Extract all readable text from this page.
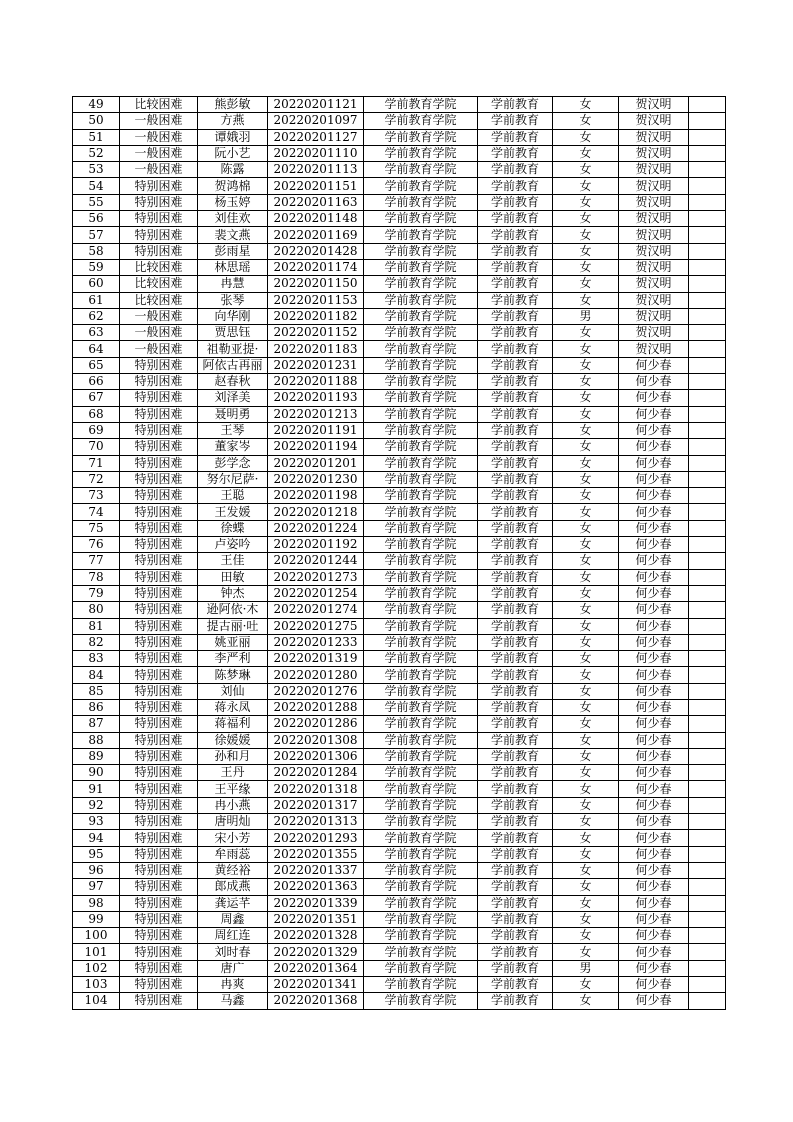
49	比较困难	熊彭敏	20220201121	学前教育学院	学前教育	女	贺汉明	
50	一般困难	方燕	20220201097	学前教育学院	学前教育	女	贺汉明	
51	一般困难	谭娥羽	20220201127	学前教育学院	学前教育	女	贺汉明	
52	一般困难	阮小艺	20220201110	学前教育学院	学前教育	女	贺汉明	
53	一般困难	陈露	20220201113	学前教育学院	学前教育	女	贺汉明	
54	特别困难	贺鸿棉	20220201151	学前教育学院	学前教育	女	贺汉明	
55	特别困难	杨玉婷	20220201163	学前教育学院	学前教育	女	贺汉明	
56	特别困难	刘佳欢	20220201148	学前教育学院	学前教育	女	贺汉明	
57	特别困难	裴文燕	20220201169	学前教育学院	学前教育	女	贺汉明	
58	特别困难	彭雨星	20220201428	学前教育学院	学前教育	女	贺汉明	
59	比较困难	林思瑶	20220201174	学前教育学院	学前教育	女	贺汉明	
60	比较困难	冉慧	20220201150	学前教育学院	学前教育	女	贺汉明	
61	比较困难	张琴	20220201153	学前教育学院	学前教育	女	贺汉明	
62	一般困难	向华刚	20220201182	学前教育学院	学前教育	男	贺汉明	
63	一般困难	贾思钰	20220201152	学前教育学院	学前教育	女	贺汉明	
64	一般困难	祖勒亚提·	20220201183	学前教育学院	学前教育	女	贺汉明	
65	特别困难	阿依古再丽	20220201231	学前教育学院	学前教育	女	何少春	
66	特别困难	赵春秋	20220201188	学前教育学院	学前教育	女	何少春	
67	特别困难	刘泽美	20220201193	学前教育学院	学前教育	女	何少春	
68	特别困难	聂明勇	20220201213	学前教育学院	学前教育	女	何少春	
69	特别困难	王琴	20220201191	学前教育学院	学前教育	女	何少春	
70	特别困难	董家岑	20220201194	学前教育学院	学前教育	女	何少春	
71	特别困难	彭学念	20220201201	学前教育学院	学前教育	女	何少春	
72	特别困难	努尔尼萨·	20220201230	学前教育学院	学前教育	女	何少春	
73	特别困难	王聪	20220201198	学前教育学院	学前教育	女	何少春	
74	特别困难	王发媛	20220201218	学前教育学院	学前教育	女	何少春	
75	特别困难	徐蝶	20220201224	学前教育学院	学前教育	女	何少春	
76	特别困难	卢姿吟	20220201192	学前教育学院	学前教育	女	何少春	
77	特别困难	王佳	20220201244	学前教育学院	学前教育	女	何少春	
78	特别困难	田敏	20220201273	学前教育学院	学前教育	女	何少春	
79	特别困难	钟杰	20220201254	学前教育学院	学前教育	女	何少春	
80	特别困难	逊阿依·木	20220201274	学前教育学院	学前教育	女	何少春	
81	特别困难	提古丽·吐	20220201275	学前教育学院	学前教育	女	何少春	
82	特别困难	姚亚丽	20220201233	学前教育学院	学前教育	女	何少春	
83	特别困难	李严利	20220201319	学前教育学院	学前教育	女	何少春	
84	特别困难	陈梦琳	20220201280	学前教育学院	学前教育	女	何少春	
85	特别困难	刘仙	20220201276	学前教育学院	学前教育	女	何少春	
86	特别困难	蒋永凤	20220201288	学前教育学院	学前教育	女	何少春	
87	特别困难	蒋福利	20220201286	学前教育学院	学前教育	女	何少春	
88	特别困难	徐媛媛	20220201308	学前教育学院	学前教育	女	何少春	
89	特别困难	孙和月	20220201306	学前教育学院	学前教育	女	何少春	
90	特别困难	王丹	20220201284	学前教育学院	学前教育	女	何少春	
91	特别困难	王平缘	20220201318	学前教育学院	学前教育	女	何少春	
92	特别困难	冉小燕	20220201317	学前教育学院	学前教育	女	何少春	
93	特别困难	唐明灿	20220201313	学前教育学院	学前教育	女	何少春	
94	特别困难	宋小芳	20220201293	学前教育学院	学前教育	女	何少春	
95	特别困难	牟雨蕊	20220201355	学前教育学院	学前教育	女	何少春	
96	特别困难	黄经裕	20220201337	学前教育学院	学前教育	女	何少春	
97	特别困难	郎成燕	20220201363	学前教育学院	学前教育	女	何少春	
98	特别困难	龚运芊	20220201339	学前教育学院	学前教育	女	何少春	
99	特别困难	周鑫	20220201351	学前教育学院	学前教育	女	何少春	
100	特别困难	周红连	20220201328	学前教育学院	学前教育	女	何少春	
101	特别困难	刘时春	20220201329	学前教育学院	学前教育	女	何少春	
102	特别困难	唐广	20220201364	学前教育学院	学前教育	男	何少春	
103	特别困难	冉爽	20220201341	学前教育学院	学前教育	女	何少春	
104	特别困难	马鑫	20220201368	学前教育学院	学前教育	女	何少春	
